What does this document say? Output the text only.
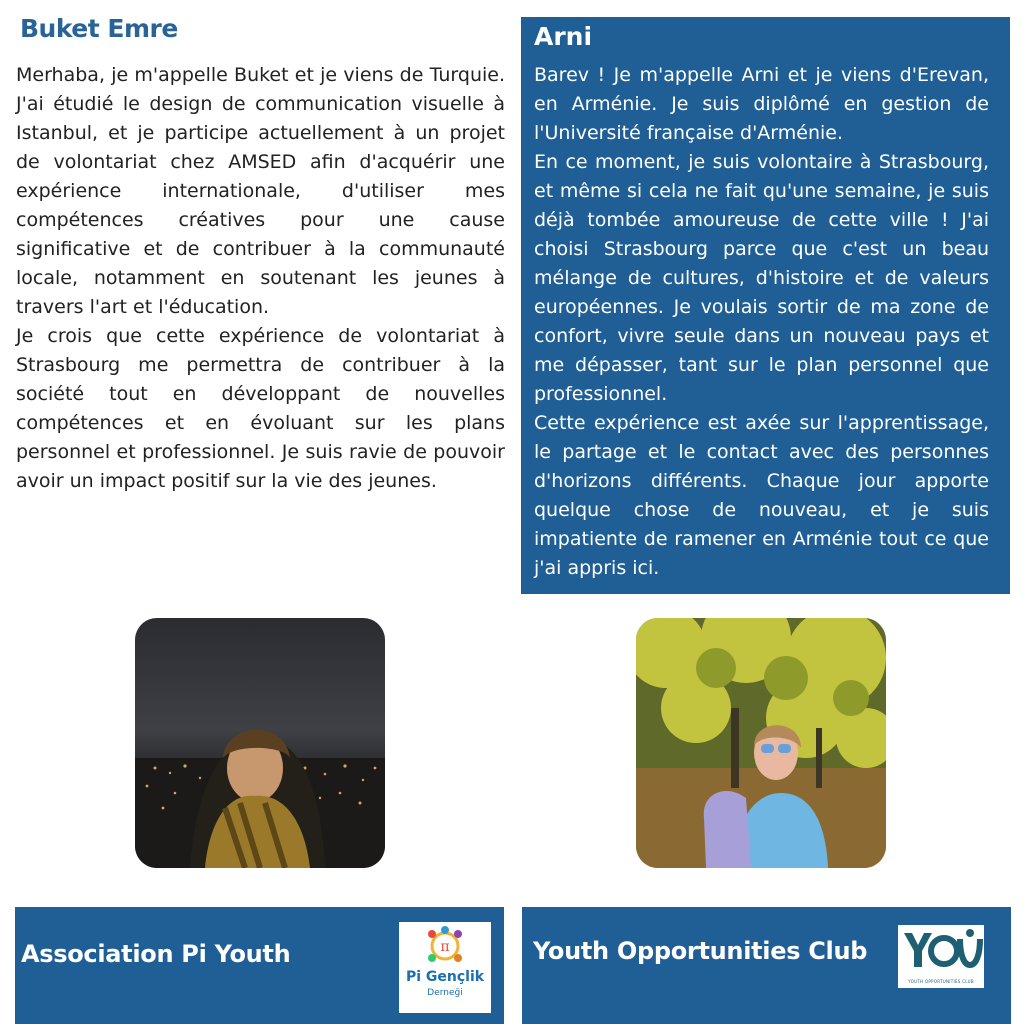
Buket Emre

Merhaba, je m'appelle Buket et je viens de Turquie. J'ai étudié le design de communication visuelle à Istanbul, et je participe actuellement à un projet de volontariat chez AMSED afin d'acquérir une expérience internationale, d'utiliser mes compétences créatives pour une cause significative et de contribuer à la communauté locale, notamment en soutenant les jeunes à travers l'art et l'éducation.

Je crois que cette expérience de volontariat à Strasbourg me permettra de contribuer à la société tout en développant de nouvelles compétences et en évoluant sur les plans personnel et professionnel. Je suis ravie de pouvoir avoir un impact positif sur la vie des jeunes.

Arni

Barev ! Je m'appelle Arni et je viens d'Erevan, en Arménie. Je suis diplômé en gestion de l'Université française d'Arménie.

En ce moment, je suis volontaire à Strasbourg, et même si cela ne fait qu'une semaine, je suis déjà tombée amoureuse de cette ville ! J'ai choisi Strasbourg parce que c'est un beau mélange de cultures, d'histoire et de valeurs européennes. Je voulais sortir de ma zone de confort, vivre seule dans un nouveau pays et me dépasser, tant sur le plan personnel que professionnel.

Cette expérience est axée sur l'apprentissage, le partage et le contact avec des personnes d'horizons différents. Chaque jour apporte quelque chose de nouveau, et je suis impatiente de ramener en Arménie tout ce que j'ai appris ici.

Association Pi Youth	π
Pi Gençlik
Derneği
Youth Opportunities Club
YOUTH OPPORTUNITIES CLUB
